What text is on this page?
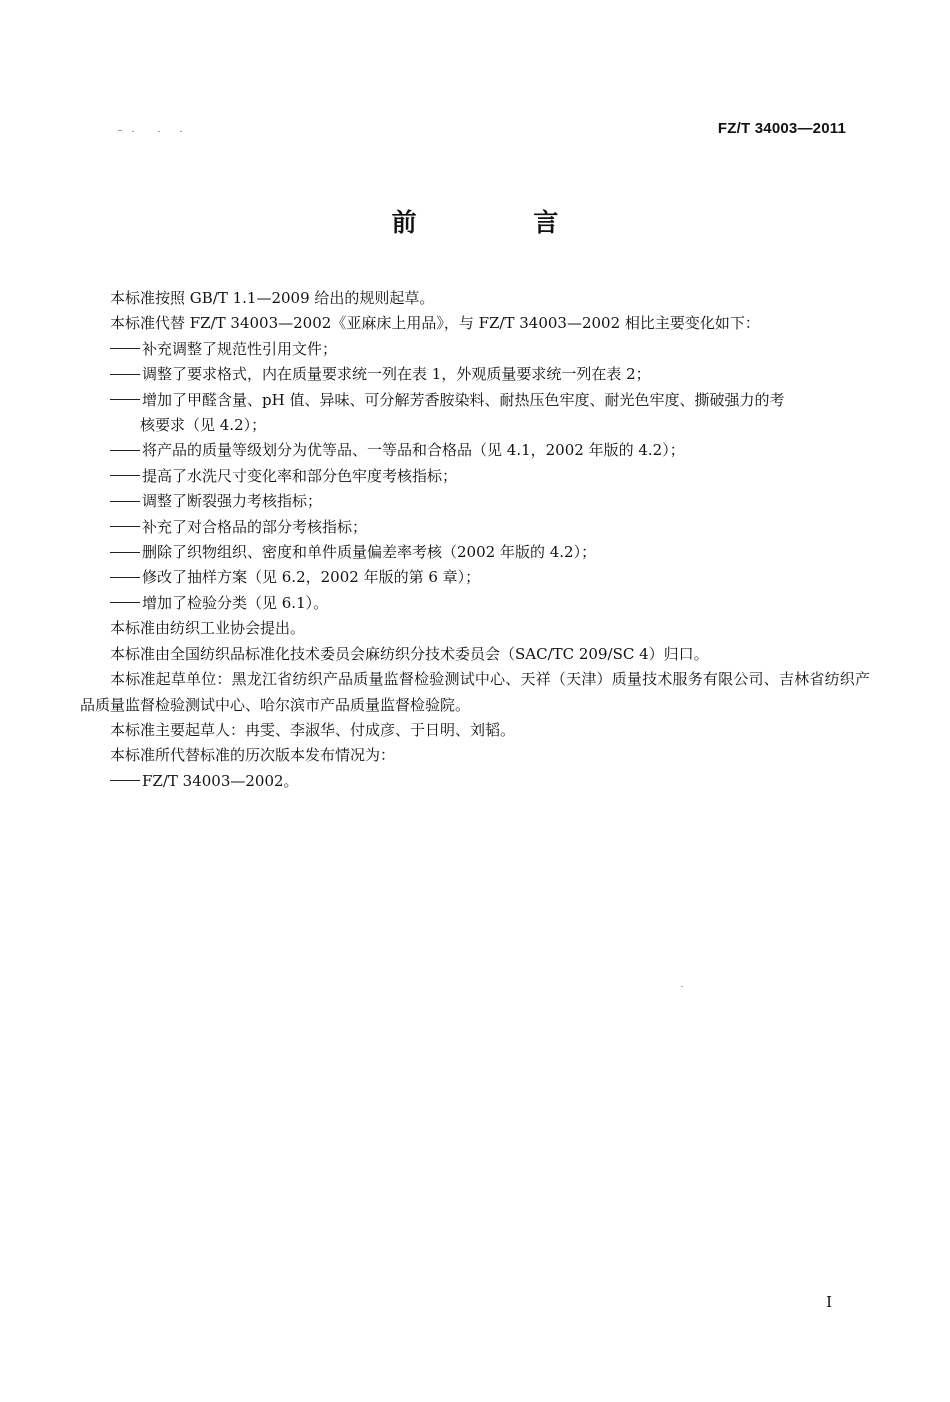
FZ/T 34003—2011
前 言

本标准按照 GB/T 1.1—2009 给出的规则起草。

本标准代替 FZ/T 34003—2002《亚麻床上用品》，与 FZ/T 34003—2002 相比主要变化如下：

补充调整了规范性引用文件；

调整了要求格式，内在质量要求统一列在表 1，外观质量要求统一列在表 2；

增加了甲醛含量、pH 值、异味、可分解芳香胺染料、耐热压色牢度、耐光色牢度、撕破强力的考

核要求（见 4.2）；

将产品的质量等级划分为优等品、一等品和合格品（见 4.1，2002 年版的 4.2）；

提高了水洗尺寸变化率和部分色牢度考核指标；

调整了断裂强力考核指标；

补充了对合格品的部分考核指标；

删除了织物组织、密度和单件质量偏差率考核（2002 年版的 4.2）；

修改了抽样方案（见 6.2，2002 年版的第 6 章）；

增加了检验分类（见 6.1）。

本标准由纺织工业协会提出。

本标准由全国纺织品标准化技术委员会麻纺织分技术委员会（SAC/TC 209/SC 4）归口。

本标准起草单位：黑龙江省纺织产品质量监督检验测试中心、天祥（天津）质量技术服务有限公司、吉林省纺织产品质量监督检验测试中心、哈尔滨市产品质量监督检验院。

本标准主要起草人：冉雯、李淑华、付成彦、于日明、刘韬。

本标准所代替标准的历次版本发布情况为：

FZ/T 34003—2002。

I
